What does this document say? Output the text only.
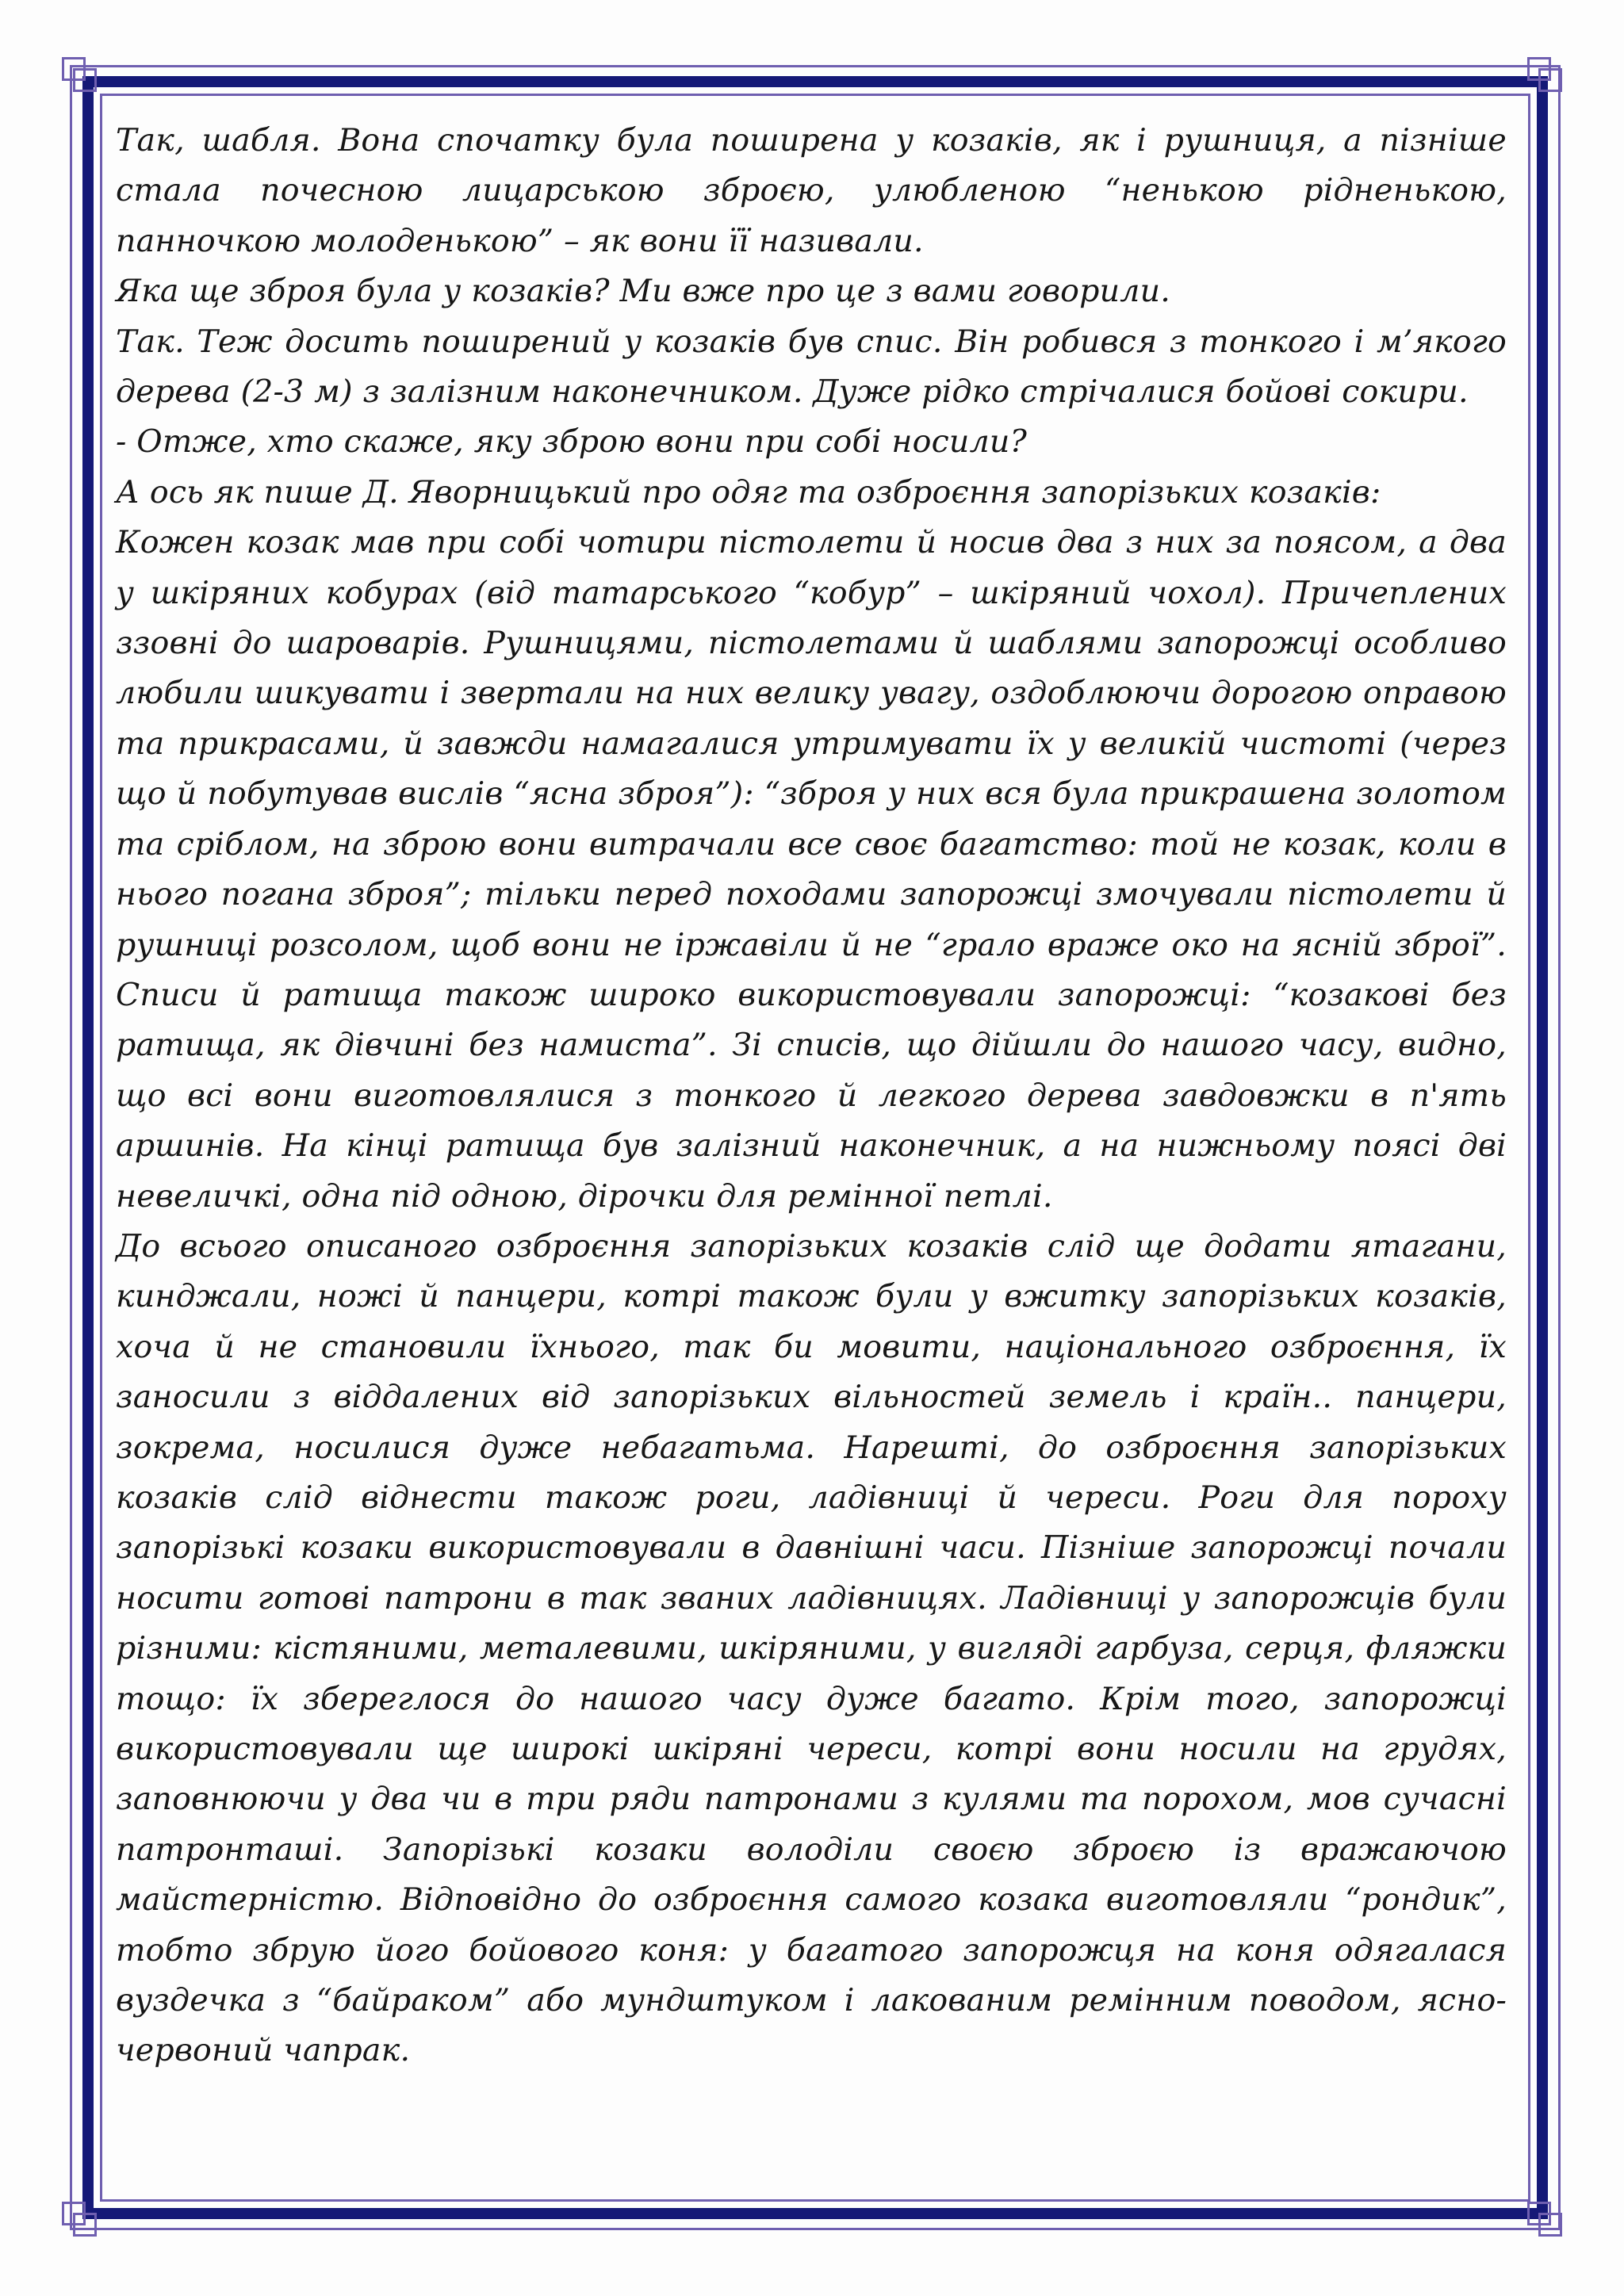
Так, шабля. Вона спочатку була поширена у козаків, як і рушниця, а пізніше стала почесною лицарською зброєю, улюбленою “ненькою рідненькою, панночкою молоденькою” – як вони її називали.

Яка ще зброя була у козаків? Ми вже про це з вами говорили.

Так. Теж досить поширений у козаків був спис. Він робився з тонкого і м’якого дерева (2-3 м) з залізним наконечником. Дуже рідко стрічалися бойові сокири.

- Отже, хто скаже, яку зброю вони при собі носили?

А ось як пише Д. Яворницький про одяг та озброєння запорізьких козаків:

Кожен козак мав при собі чотири пістолети й носив два з них за поясом, а два у шкіряних кобурах (від татарського “кобур” – шкіряний чохол). Причеплених ззовні до шароварів. Рушницями, пістолетами й шаблями запорожці особливо любили шикувати і звертали на них велику увагу, оздоблюючи дорогою оправою та прикрасами, й завжди намагалися утримувати їх у великій чистоті (через що й побутував вислів “ясна зброя”): “зброя у них вся була прикрашена золотом та сріблом, на зброю вони витрачали все своє багатство: той не козак, коли в нього погана зброя”; тільки перед походами запорожці змочували пістолети й рушниці розсолом, щоб вони не іржавіли й не “грало враже око на ясній зброї”. Списи й ратища також широко використовували запорожці: “козакові без ратища, як дівчині без намиста”. Зі списів, що дійшли до нашого часу, видно, що всі вони виготовлялися з тонкого й легкого дерева завдовжки в п'ять аршинів. На кінці ратища був залізний наконечник, а на нижньому поясі дві невеличкі, одна під одною, дірочки для ремінної петлі.

До всього описаного озброєння запорізьких козаків слід ще додати ятагани, кинджали, ножі й панцери, котрі також були у вжитку запорізьких козаків, хоча й не становили їхнього, так би мовити, національного озброєння, їх заносили з віддалених від запорізьких вільностей земель і країн.. панцери, зокрема, носилися дуже небагатьма. Нарешті, до озброєння запорізьких козаків слід віднести також роги, ладівниці й череси. Роги для пороху запорізькі козаки використовували в давнішні часи. Пізніше запорожці почали носити готові патрони в так званих ладівницях. Ладівниці у запорожців були різними: кістяними, металевими, шкіряними, у вигляді гарбуза, серця, фляжки тощо: їх збереглося до нашого часу дуже багато. Крім того, запорожці використовували ще широкі шкіряні череси, котрі вони носили на грудях, заповнюючи у два чи в три ряди патронами з кулями та порохом, мов сучасні патронташі. Запорізькі козаки володіли своєю зброєю із вражаючою майстерністю. Відповідно до озброєння самого козака виготовляли “рондик”, тобто збрую його бойового коня: у багатого запорожця на коня одягалася вуздечка з “байраком” або мундштуком і лакованим ремінним поводом, ясно-червоний чапрак.
